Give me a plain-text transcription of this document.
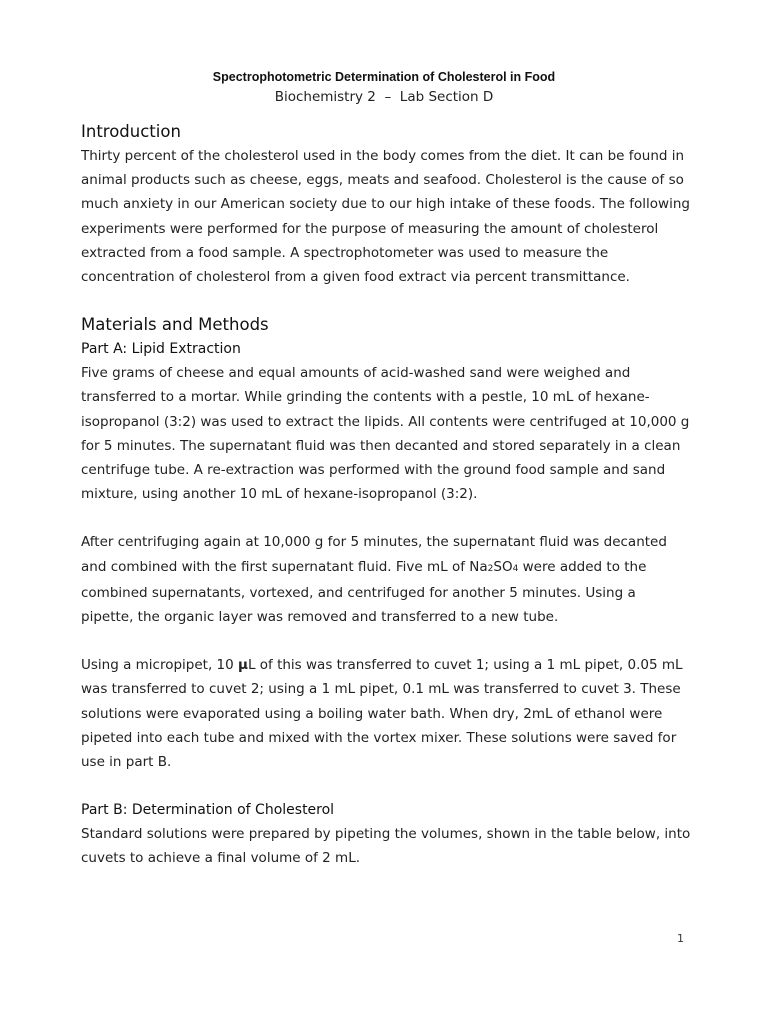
Spectrophotometric Determination of Cholesterol in Food
Biochemistry 2  –  Lab Section D
Introduction

Thirty percent of the cholesterol used in the body comes from the diet. It can be found in animal products such as cheese, eggs, meats and seafood. Cholesterol is the cause of so much anxiety in our American society due to our high intake of these foods. The following experiments were performed for the purpose of measuring the amount of cholesterol extracted from a food sample. A spectrophotometer was used to measure the concentration of cholesterol from a given food extract via percent transmittance.

Materials and Methods
Part A: Lipid Extraction

Five grams of cheese and equal amounts of acid-washed sand were weighed and transferred to a mortar. While grinding the contents with a pestle, 10 mL of hexane-isopropanol (3:2) was used to extract the lipids. All contents were centrifuged at 10,000 g for 5 minutes. The supernatant fluid was then decanted and stored separately in a clean centrifuge tube. A re-extraction was performed with the ground food sample and sand mixture, using another 10 mL of hexane-isopropanol (3:2).

After centrifuging again at 10,000 g for 5 minutes, the supernatant fluid was decanted and combined with the first supernatant fluid. Five mL of Na2SO4 were added to the combined supernatants, vortexed, and centrifuged for another 5 minutes. Using a pipette, the organic layer was removed and transferred to a new tube.

Using a micropipet, 10 µL of this was transferred to cuvet 1; using a 1 mL pipet, 0.05 mL was transferred to cuvet 2; using a 1 mL pipet, 0.1 mL was transferred to cuvet 3. These solutions were evaporated using a boiling water bath. When dry, 2mL of ethanol were pipeted into each tube and mixed with the vortex mixer. These solutions were saved for use in part B.

Part B: Determination of Cholesterol

Standard solutions were prepared by pipeting the volumes, shown in the table below, into cuvets to achieve a final volume of 2 mL.

1
